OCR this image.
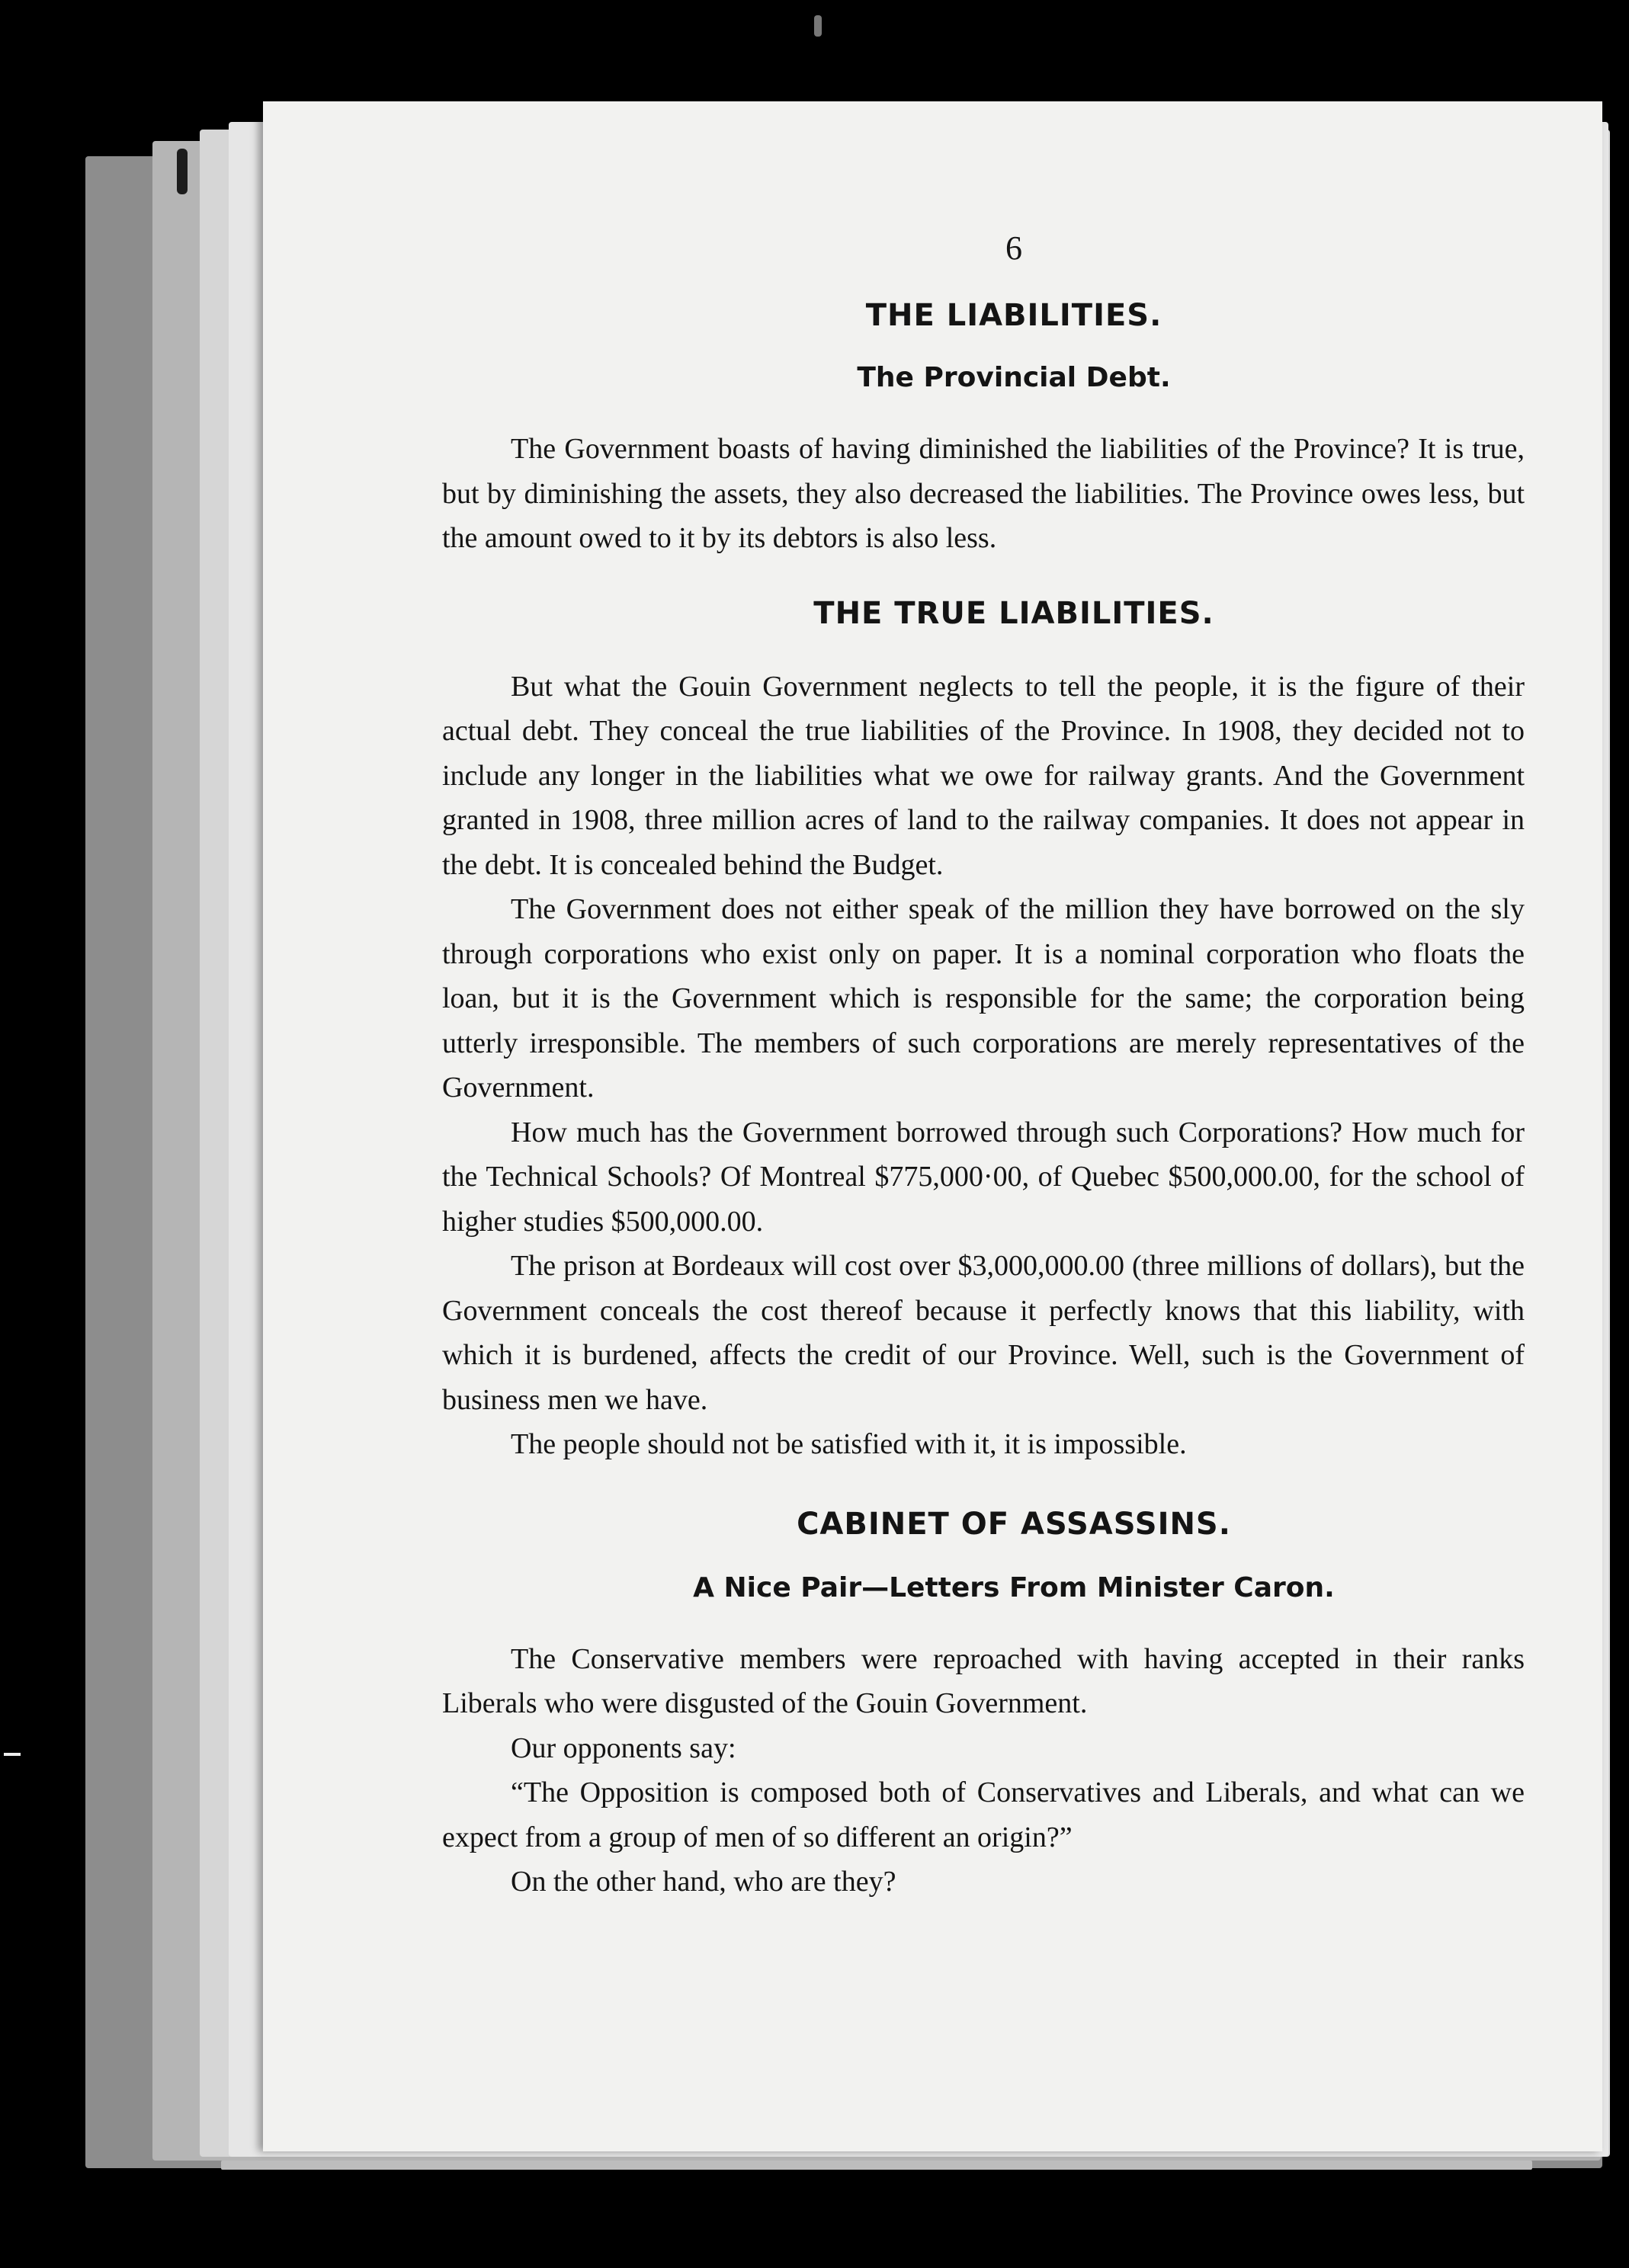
6
THE LIABILITIES.
The Provincial Debt.

The Government boasts of having diminished the liabilities of the Province? It is true, but by diminishing the assets, they also decreased the liabilities. The Province owes less, but the amount owed to it by its debtors is also less.

THE TRUE LIABILITIES.

But what the Gouin Government neglects to tell the people, it is the figure of their actual debt. They conceal the true liabilities of the Province. In 1908, they decided not to include any longer in the liabilities what we owe for railway grants. And the Government granted in 1908, three million acres of land to the railway companies. It does not appear in the debt. It is concealed behind the Budget.

The Government does not either speak of the million they have borrowed on the sly through corporations who exist only on paper. It is a nominal corporation who floats the loan, but it is the Government which is responsible for the same; the corporation being utterly irresponsible. The members of such corporations are merely representatives of the Government.

How much has the Government borrowed through such Corporations? How much for the Technical Schools? Of Montreal $775,000·00, of Quebec $500,000.00, for the school of higher studies $500,000.00.

The prison at Bordeaux will cost over $3,000,000.00 (three millions of dollars), but the Government conceals the cost thereof because it perfectly knows that this liability, with which it is burdened, affects the credit of our Province. Well, such is the Government of business men we have.

The people should not be satisfied with it, it is impossible.

CABINET OF ASSASSINS.
A Nice Pair—Letters From Minister Caron.

The Conservative members were reproached with having accepted in their ranks Liberals who were disgusted of the Gouin Government.

Our opponents say:

“The Opposition is composed both of Conservatives and Liberals, and what can we expect from a group of men of so different an origin?”

On the other hand, who are they?
